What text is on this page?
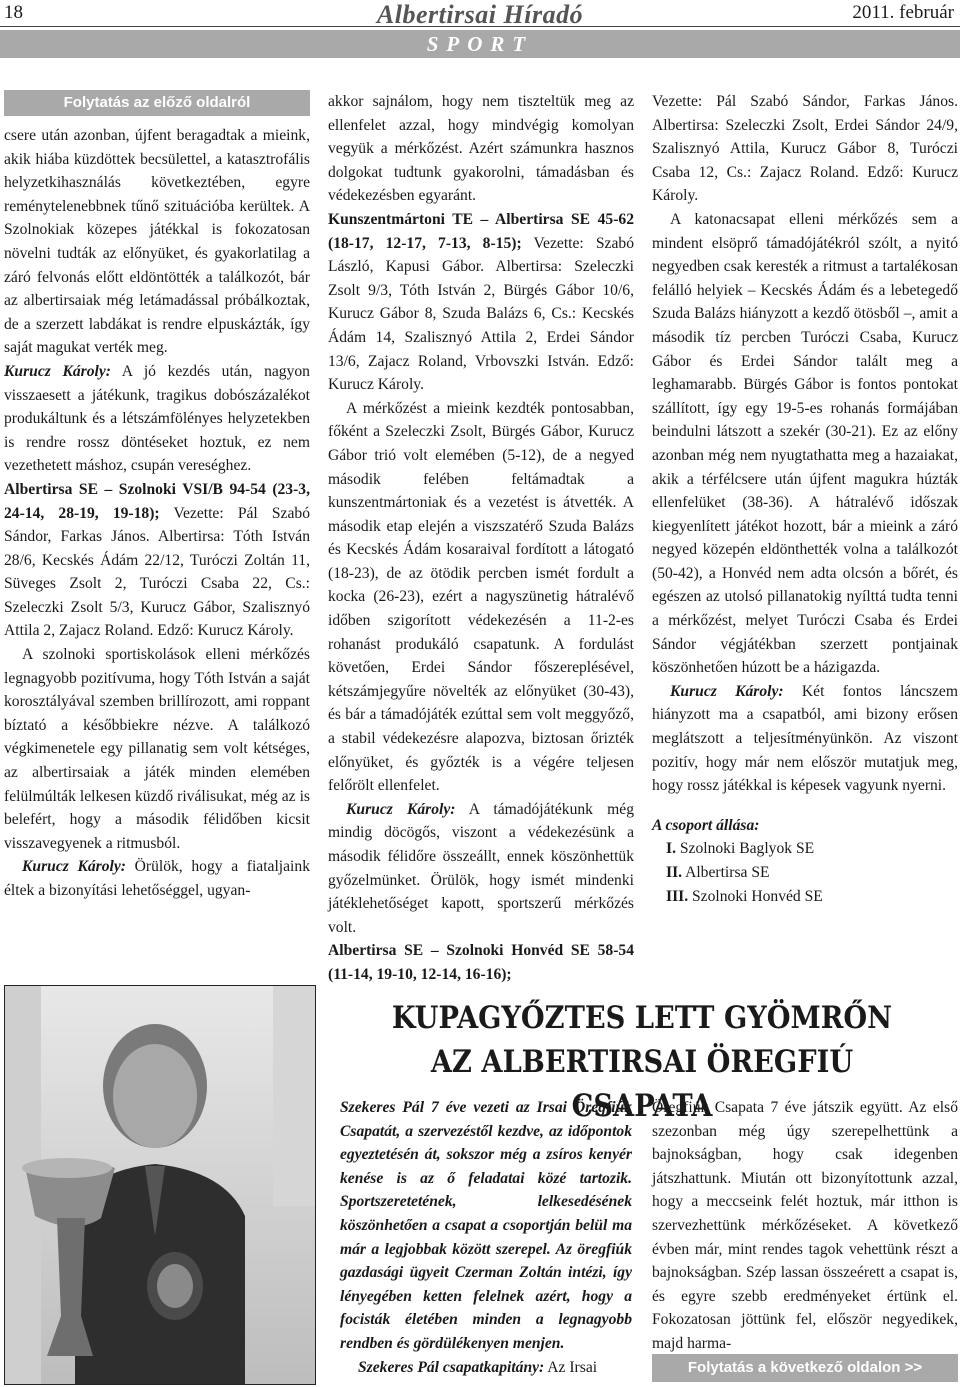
18	Albertirsai Híradó	2011. február
SPORT
Folytatás az előző oldalról

csere után azonban, újfent beragadtak a mieink, akik hiába küzdöttek becsülettel, a katasztrofális helyzetkihasználás következtében, egyre reménytelenebbnek tűnő szituációba kerültek. A Szolnokiak közepes játékkal is fokozatosan növelni tudták az előnyüket, és gyakorlatilag a záró felvonás előtt eldöntötték a találkozót, bár az albertirsaiak még letámadással próbálkoztak, de a szerzett labdákat is rendre elpuskázták, így saját magukat verték meg.

Kurucz Károly: A jó kezdés után, nagyon visszaesett a játékunk, tragikus dobószázalékot produkáltunk és a létszámfölényes helyzetekben is rendre rossz döntéseket hoztuk, ez nem vezethetett máshoz, csupán vereséghez.

Albertirsa SE – Szolnoki VSI/B 94-54 (23-3, 24-14, 28-19, 19-18); Vezette: Pál Szabó Sándor, Farkas János. Albertirsa: Tóth István 28/6, Kecskés Ádám 22/12, Turóczi Zoltán 11, Süveges Zsolt 2, Turóczi Csaba 22, Cs.: Szeleczki Zsolt 5/3, Kurucz Gábor, Szalisznyó Attila 2, Zajacz Roland. Edző: Kurucz Károly.

A szolnoki sportiskolások elleni mérkőzés legnagyobb pozitívuma, hogy Tóth István a saját korosztályával szemben brillírozott, ami roppant bíztató a későbbiekre nézve. A találkozó végkimenetele egy pillanatig sem volt kétséges, az albertirsaiak a játék minden elemében felülmúlták lelkesen küzdő riválisukat, még az is belefért, hogy a második félidőben kicsit visszavegyenek a ritmusból.

Kurucz Károly: Örülök, hogy a fiataljaink éltek a bizonyítási lehetőséggel, ugyan-

akkor sajnálom, hogy nem tiszteltük meg az ellenfelet azzal, hogy mindvégig komolyan vegyük a mérkőzést. Azért számunkra hasznos dolgokat tudtunk gyakorolni, támadásban és védekezésben egyaránt.

Kunszentmártoni TE – Albertirsa SE 45-62 (18-17, 12-17, 7-13, 8-15); Vezette: Szabó László, Kapusi Gábor. Albertirsa: Szeleczki Zsolt 9/3, Tóth István 2, Bürgés Gábor 10/6, Kurucz Gábor 8, Szuda Balázs 6, Cs.: Kecskés Ádám 14, Szalisznyó Attila 2, Erdei Sándor 13/6, Zajacz Roland, Vrbovszki István. Edző: Kurucz Károly.

A mérkőzést a mieink kezdték pontosabban, főként a Szeleczki Zsolt, Bürgés Gábor, Kurucz Gábor trió volt elemében (5-12), de a negyed második felében feltámadtak a kunszentmártoniak és a vezetést is átvették. A második etap elején a viszszatérő Szuda Balázs és Kecskés Ádám kosaraival fordított a látogató (18-23), de az ötödik percben ismét fordult a kocka (26-23), ezért a nagyszünetig hátralévő időben szigorított védekezésén a 11-2-es rohanást produkáló csapatunk. A fordulást követően, Erdei Sándor főszereplésével, kétszámjegyűre növelték az előnyüket (30-43), és bár a támadójáték ezúttal sem volt meggyőző, a stabil védekezésre alapozva, biztosan őrizték előnyüket, és győzték is a végére teljesen felőrölt ellenfelet.

Kurucz Károly: A támadójátékunk még mindig döcögős, viszont a védekezésünk a második félidőre összeállt, ennek köszönhettük győzelmünket. Örülök, hogy ismét mindenki játéklehetőséget kapott, sportszerű mérkőzés volt.

Albertirsa SE – Szolnoki Honvéd SE 58-54 (11-14, 19-10, 12-14, 16-16);

Vezette: Pál Szabó Sándor, Farkas János. Albertirsa: Szeleczki Zsolt, Erdei Sándor 24/9, Szalisznyó Attila, Kurucz Gábor 8, Turóczi Csaba 12, Cs.: Zajacz Roland. Edző: Kurucz Károly.

A katonacsapat elleni mérkőzés sem a mindent elsöprő támadójátékról szólt, a nyitó negyedben csak keresték a ritmust a tartalékosan felálló helyiek – Kecskés Ádám és a lebetegedő Szuda Balázs hiányzott a kezdő ötösből –, amit a második tíz percben Turóczi Csaba, Kurucz Gábor és Erdei Sándor talált meg a leghamarabb. Bürgés Gábor is fontos pontokat szállított, így egy 19-5-es rohanás formájában beindulni látszott a szekér (30-21). Ez az előny azonban még nem nyugtathatta meg a hazaiakat, akik a térfélcsere után újfent magukra húzták ellenfelüket (38-36). A hátralévő időszak kiegyenlített játékot hozott, bár a mieink a záró negyed közepén eldönthették volna a találkozót (50-42), a Honvéd nem adta olcsón a bőrét, és egészen az utolsó pillanatokig nyílttá tudta tenni a mérkőzést, melyet Turóczi Csaba és Erdei Sándor végjátékban szerzett pontjainak köszönhetően húzott be a házigazda.

Kurucz Károly: Két fontos láncszem hiányzott ma a csapatból, ami bizony erősen meglátszott a teljesítményünkön. Az viszont pozitív, hogy már nem először mutatjuk meg, hogy rossz játékkal is képesek vagyunk nyerni.

A csoport állása:
I. Szolnoki Baglyok SE
II. Albertirsa SE
III. Szolnoki Honvéd SE
KUPAGYŐZTES LETT GYÖMRŐN
AZ ALBERTIRSAI ÖREGFIÚ CSAPATA

Szekeres Pál 7 éve vezeti az Irsai Öregfiúk Csapatát, a szervezéstől kezdve, az időpontok egyeztetésén át, sokszor még a zsíros kenyér kenése is az ő feladatai közé tartozik. Sportszeretetének, lelkesedésének köszönhetően a csapat a csoportján belül ma már a legjobbak között szerepel. Az öregfiúk gazdasági ügyeit Czerman Zoltán intézi, így lényegében ketten felelnek azért, hogy a focisták életében minden a legnagyobb rendben és gördülékenyen menjen.

Szekeres Pál csapatkapitány: Az Irsai

Öregfiúk Csapata 7 éve játszik együtt. Az első szezonban még úgy szerepelhettünk a bajnokságban, hogy csak idegenben játszhattunk. Miután ott bizonyítottunk azzal, hogy a meccseink felét hoztuk, már itthon is szervezhettünk mérkőzéseket. A következő évben már, mint rendes tagok vehettünk részt a bajnokságban. Szép lassan összeérett a csapat is, és egyre szebb eredményeket értünk el. Fokozatosan jöttünk fel, először negyedikek, majd harma-
Folytatás a következő oldalon >>
